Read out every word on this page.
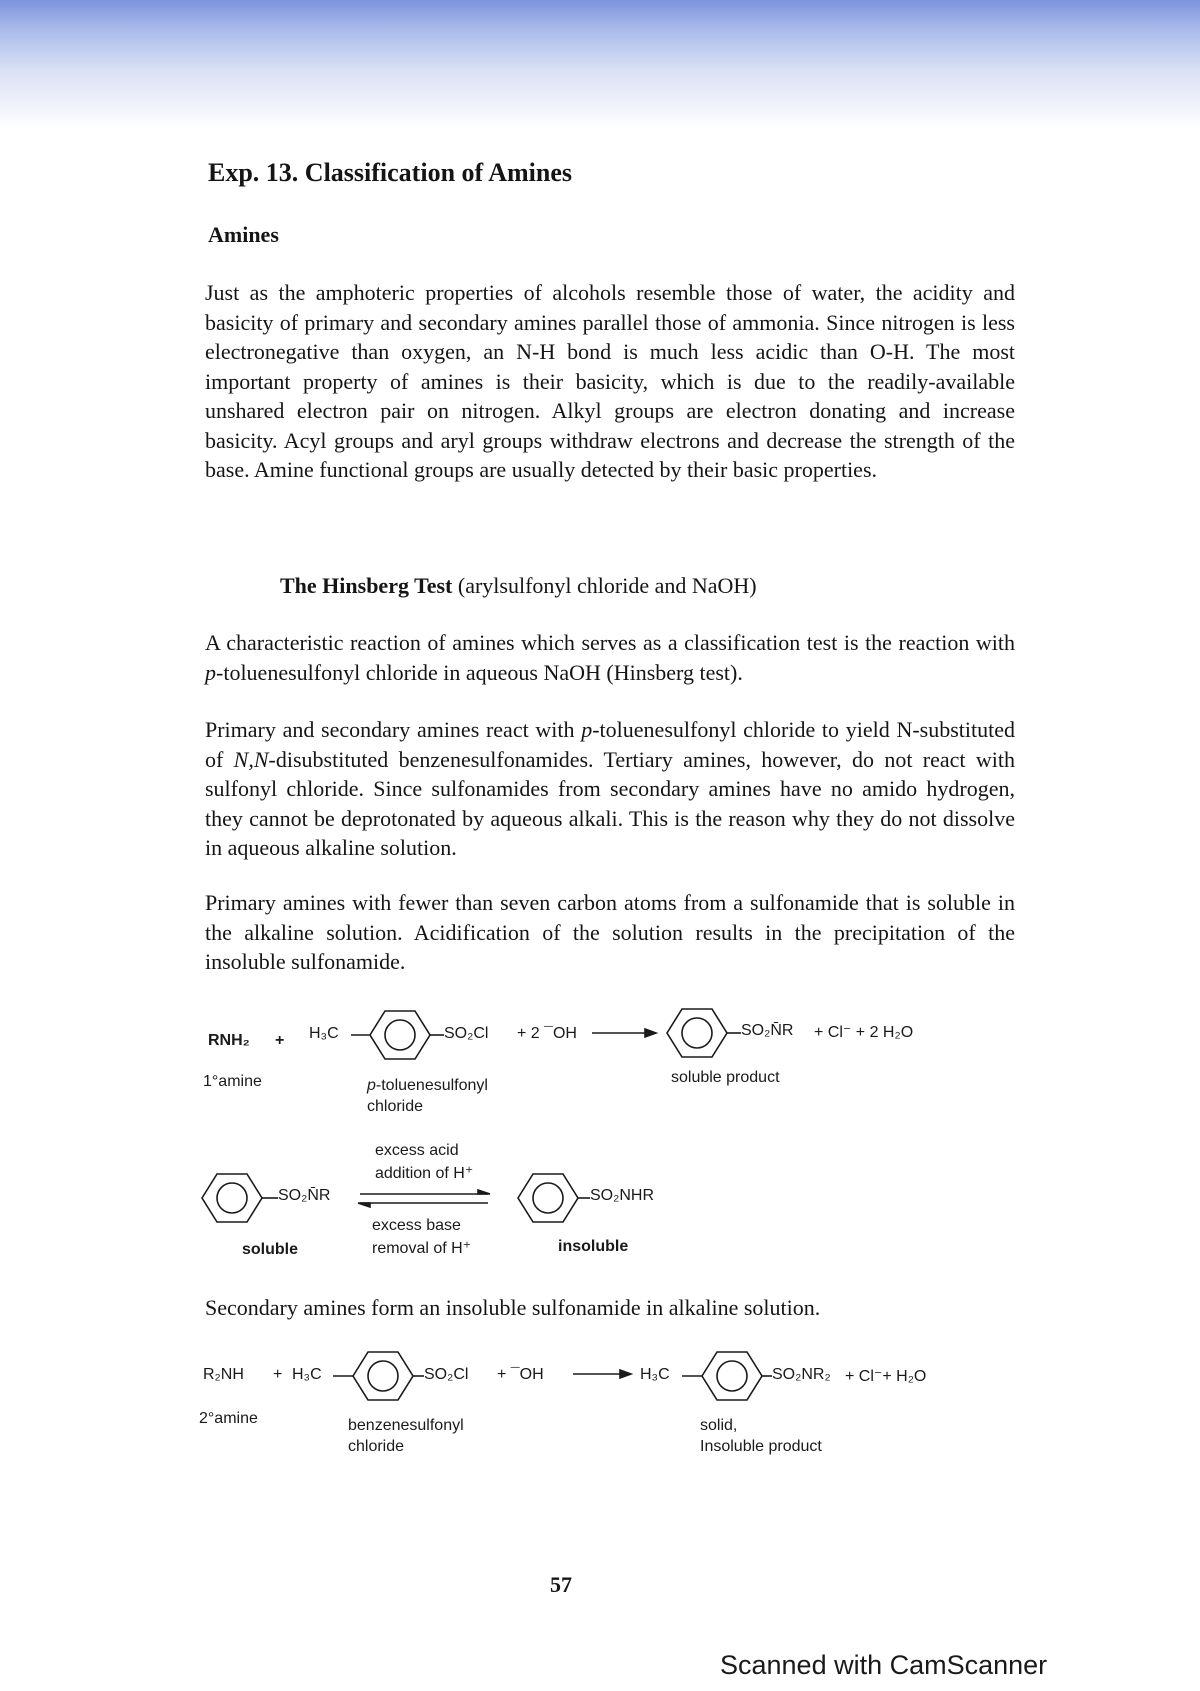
Exp. 13. Classification of Amines
Amines
Just as the amphoteric properties of alcohols resemble those of water, the acidity and basicity of primary and secondary amines parallel those of ammonia. Since nitrogen is less electronegative than oxygen, an N-H bond is much less acidic than O-H. The most important property of amines is their basicity, which is due to the readily-available unshared electron pair on nitrogen. Alkyl groups are electron donating and increase basicity. Acyl groups and aryl groups withdraw electrons and decrease the strength of the base. Amine functional groups are usually detected by their basic properties.
The Hinsberg Test (arylsulfonyl chloride and NaOH)
A characteristic reaction of amines which serves as a classification test is the reaction with p-toluenesulfonyl chloride in aqueous NaOH (Hinsberg test).
Primary and secondary amines react with p-toluenesulfonyl chloride to yield N-substituted of N,N-disubstituted benzenesulfonamides. Tertiary amines, however, do not react with sulfonyl chloride. Since sulfonamides from secondary amines have no amido hydrogen, they cannot be deprotonated by aqueous alkali. This is the reason why they do not dissolve in aqueous alkaline solution.
Primary amines with fewer than seven carbon atoms from a sulfonamide that is soluble in the alkaline solution. Acidification of the solution results in the precipitation of the insoluble sulfonamide.
Secondary amines form an insoluble sulfonamide in alkaline solution.
RNH₂ + H₃C	SO₂Cl + 2 ¯OH	SO₂N̄R + Cl⁻ + 2 H₂O
1°amine	p-toluenesulfonyl
chloride
soluble product
SO₂N̄R	SO₂NHR
excess acid
addition of H⁺
excess base
removal of H⁺
soluble	insoluble
R₂NH + H₃C	SO₂Cl + ¯OH	H₃C	SO₂NR₂ + Cl⁻+ H₂O
2°amine	benzenesulfonyl
chloride
solid,
Insoluble product
57
Scanned with CamScanner
